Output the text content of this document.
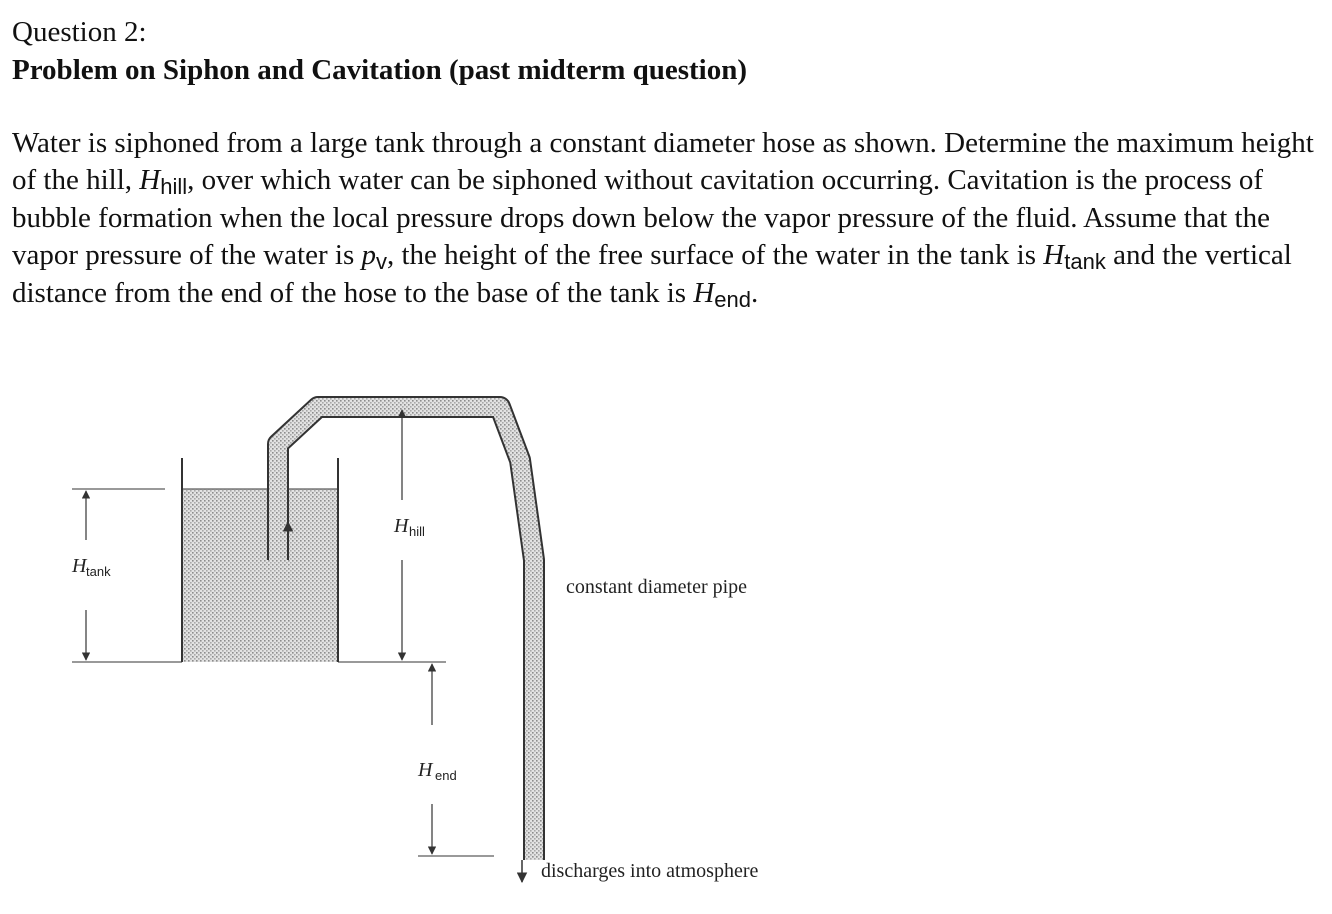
Question 2:
Problem on Siphon and Cavitation (past midterm question)

Water is siphoned from a large tank through a constant diameter hose as shown. Determine the maximum height of the hill, Hhill, over which water can be siphoned without cavitation occurring. Cavitation is the process of bubble formation when the local pressure drops down below the vapor pressure of the fluid. Assume that the vapor pressure of the water is pv, the height of the free surface of the water in the tank is Htank and the vertical distance from the end of the hose to the base of the tank is Hend.

H tank
H hill
H end
constant diameter pipe
discharges into atmosphere
